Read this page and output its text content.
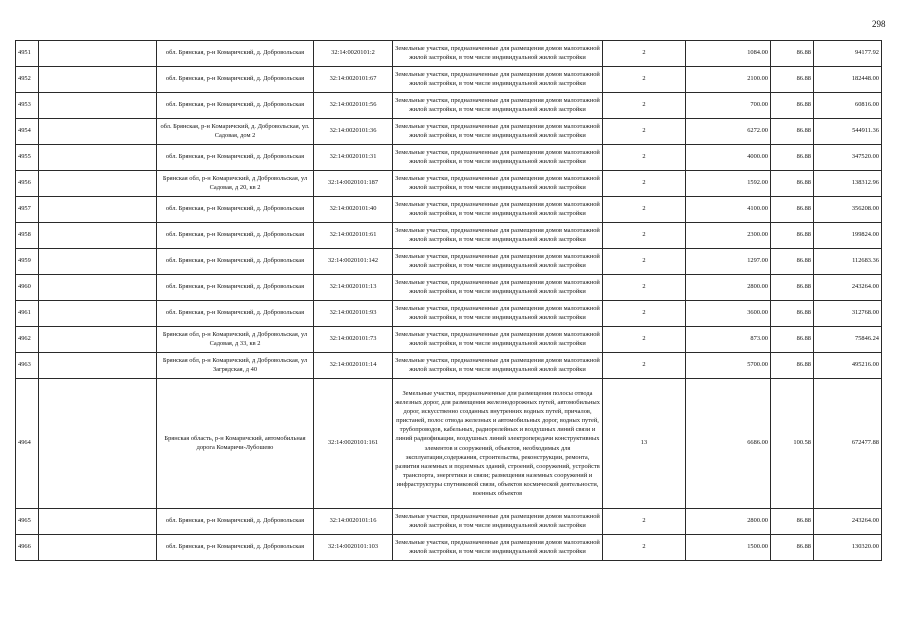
298
4951		обл. Брянская, р-н Комаричский, д. Добровольская	32:14:0020101:2	Земельные участки, предназначенные для размещения домов малоэтажной жилой застройки, в том числе индивидуальной жилой застройки	2	1084.00	86.88	94177.92
4952		обл. Брянская, р-н Комаричский, д. Добровольская	32:14:0020101:67	Земельные участки, предназначенные для размещения домов малоэтажной жилой застройки, в том числе индивидуальной жилой застройки	2	2100.00	86.88	182448.00
4953		обл. Брянская, р-н Комаричский, д. Добровольская	32:14:0020101:56	Земельные участки, предназначенные для размещения домов малоэтажной жилой застройки, в том числе индивидуальной жилой застройки	2	700.00	86.88	60816.00
4954		обл. Брянская, р-н Комаричский, д. Добровольская, ул. Садовая, дом 2	32:14:0020101:36	Земельные участки, предназначенные для размещения домов малоэтажной жилой застройки, в том числе индивидуальной жилой застройки	2	6272.00	86.88	544911.36
4955		обл. Брянская, р-н Комаричский, д. Добровольская	32:14:0020101:31	Земельные участки, предназначенные для размещения домов малоэтажной жилой застройки, в том числе индивидуальной жилой застройки	2	4000.00	86.88	347520.00
4956		Брянская обл, р-н Комаричский, д Добровольская, ул Садовая, д 20, кв 2	32:14:0020101:187	Земельные участки, предназначенные для размещения домов малоэтажной жилой застройки, в том числе индивидуальной жилой застройки	2	1592.00	86.88	138312.96
4957		обл. Брянская, р-н Комаричский, д. Добровольская	32:14:0020101:40	Земельные участки, предназначенные для размещения домов малоэтажной жилой застройки, в том числе индивидуальной жилой застройки	2	4100.00	86.88	356208.00
4958		обл. Брянская, р-н Комаричский, д. Добровольская	32:14:0020101:61	Земельные участки, предназначенные для размещения домов малоэтажной жилой застройки, в том числе индивидуальной жилой застройки	2	2300.00	86.88	199824.00
4959		обл. Брянская, р-н Комаричский, д. Добровольская	32:14:0020101:142	Земельные участки, предназначенные для размещения домов малоэтажной жилой застройки, в том числе индивидуальной жилой застройки	2	1297.00	86.88	112683.36
4960		обл. Брянская, р-н Комаричский, д. Добровольская	32:14:0020101:13	Земельные участки, предназначенные для размещения домов малоэтажной жилой застройки, в том числе индивидуальной жилой застройки	2	2800.00	86.88	243264.00
4961		обл. Брянская, р-н Комаричский, д. Добровольская	32:14:0020101:93	Земельные участки, предназначенные для размещения домов малоэтажной жилой застройки, в том числе индивидуальной жилой застройки	2	3600.00	86.88	312768.00
4962		Брянская обл, р-н Комаричский, д Добровольская, ул Садовая, д 33, кв 2	32:14:0020101:73	Земельные участки, предназначенные для размещения домов малоэтажной жилой застройки, в том числе индивидуальной жилой застройки	2	873.00	86.88	75846.24
4963		Брянская обл, р-н Комаричский, д Добровольская, ул Загрядская, д 40	32:14:0020101:14	Земельные участки, предназначенные для размещения домов малоэтажной жилой застройки, в том числе индивидуальной жилой застройки	2	5700.00	86.88	495216.00
4964		Брянская область, р-н Комаричский, автомобильная дорога Комаричи-Лубошево	32:14:0020101:161	Земельные участки, предназначенные для размещения полосы отвода железных дорог, для размещения железнодорожных путей, автомобильных дорог, искусственно созданных внутренних водных путей, причалов, пристаней, полос отвода железных и автомобильных дорог, водных путей, трубопроводов, кабельных, радиорелейных и воздушных линий связи и линий радиофикации, воздушных линий электропередачи конструктивных элементов и сооружений, объектов, необходимых для эксплуатации,содержания, строительства, реконструкции, ремонта, развития наземных и подземных зданий, строений, сооружений, устройств транспорта, энергетики и связи; размещения наземных сооружений и инфраструктуры спутниковой связи, объектов космической деятельности, военных объектов	13	6686.00	100.58	672477.88
4965		обл. Брянская, р-н Комаричский, д. Добровольская	32:14:0020101:16	Земельные участки, предназначенные для размещения домов малоэтажной жилой застройки, в том числе индивидуальной жилой застройки	2	2800.00	86.88	243264.00
4966		обл. Брянская, р-н Комаричский, д. Добровольская	32:14:0020101:103	Земельные участки, предназначенные для размещения домов малоэтажной жилой застройки, в том числе индивидуальной жилой застройки	2	1500.00	86.88	130320.00
